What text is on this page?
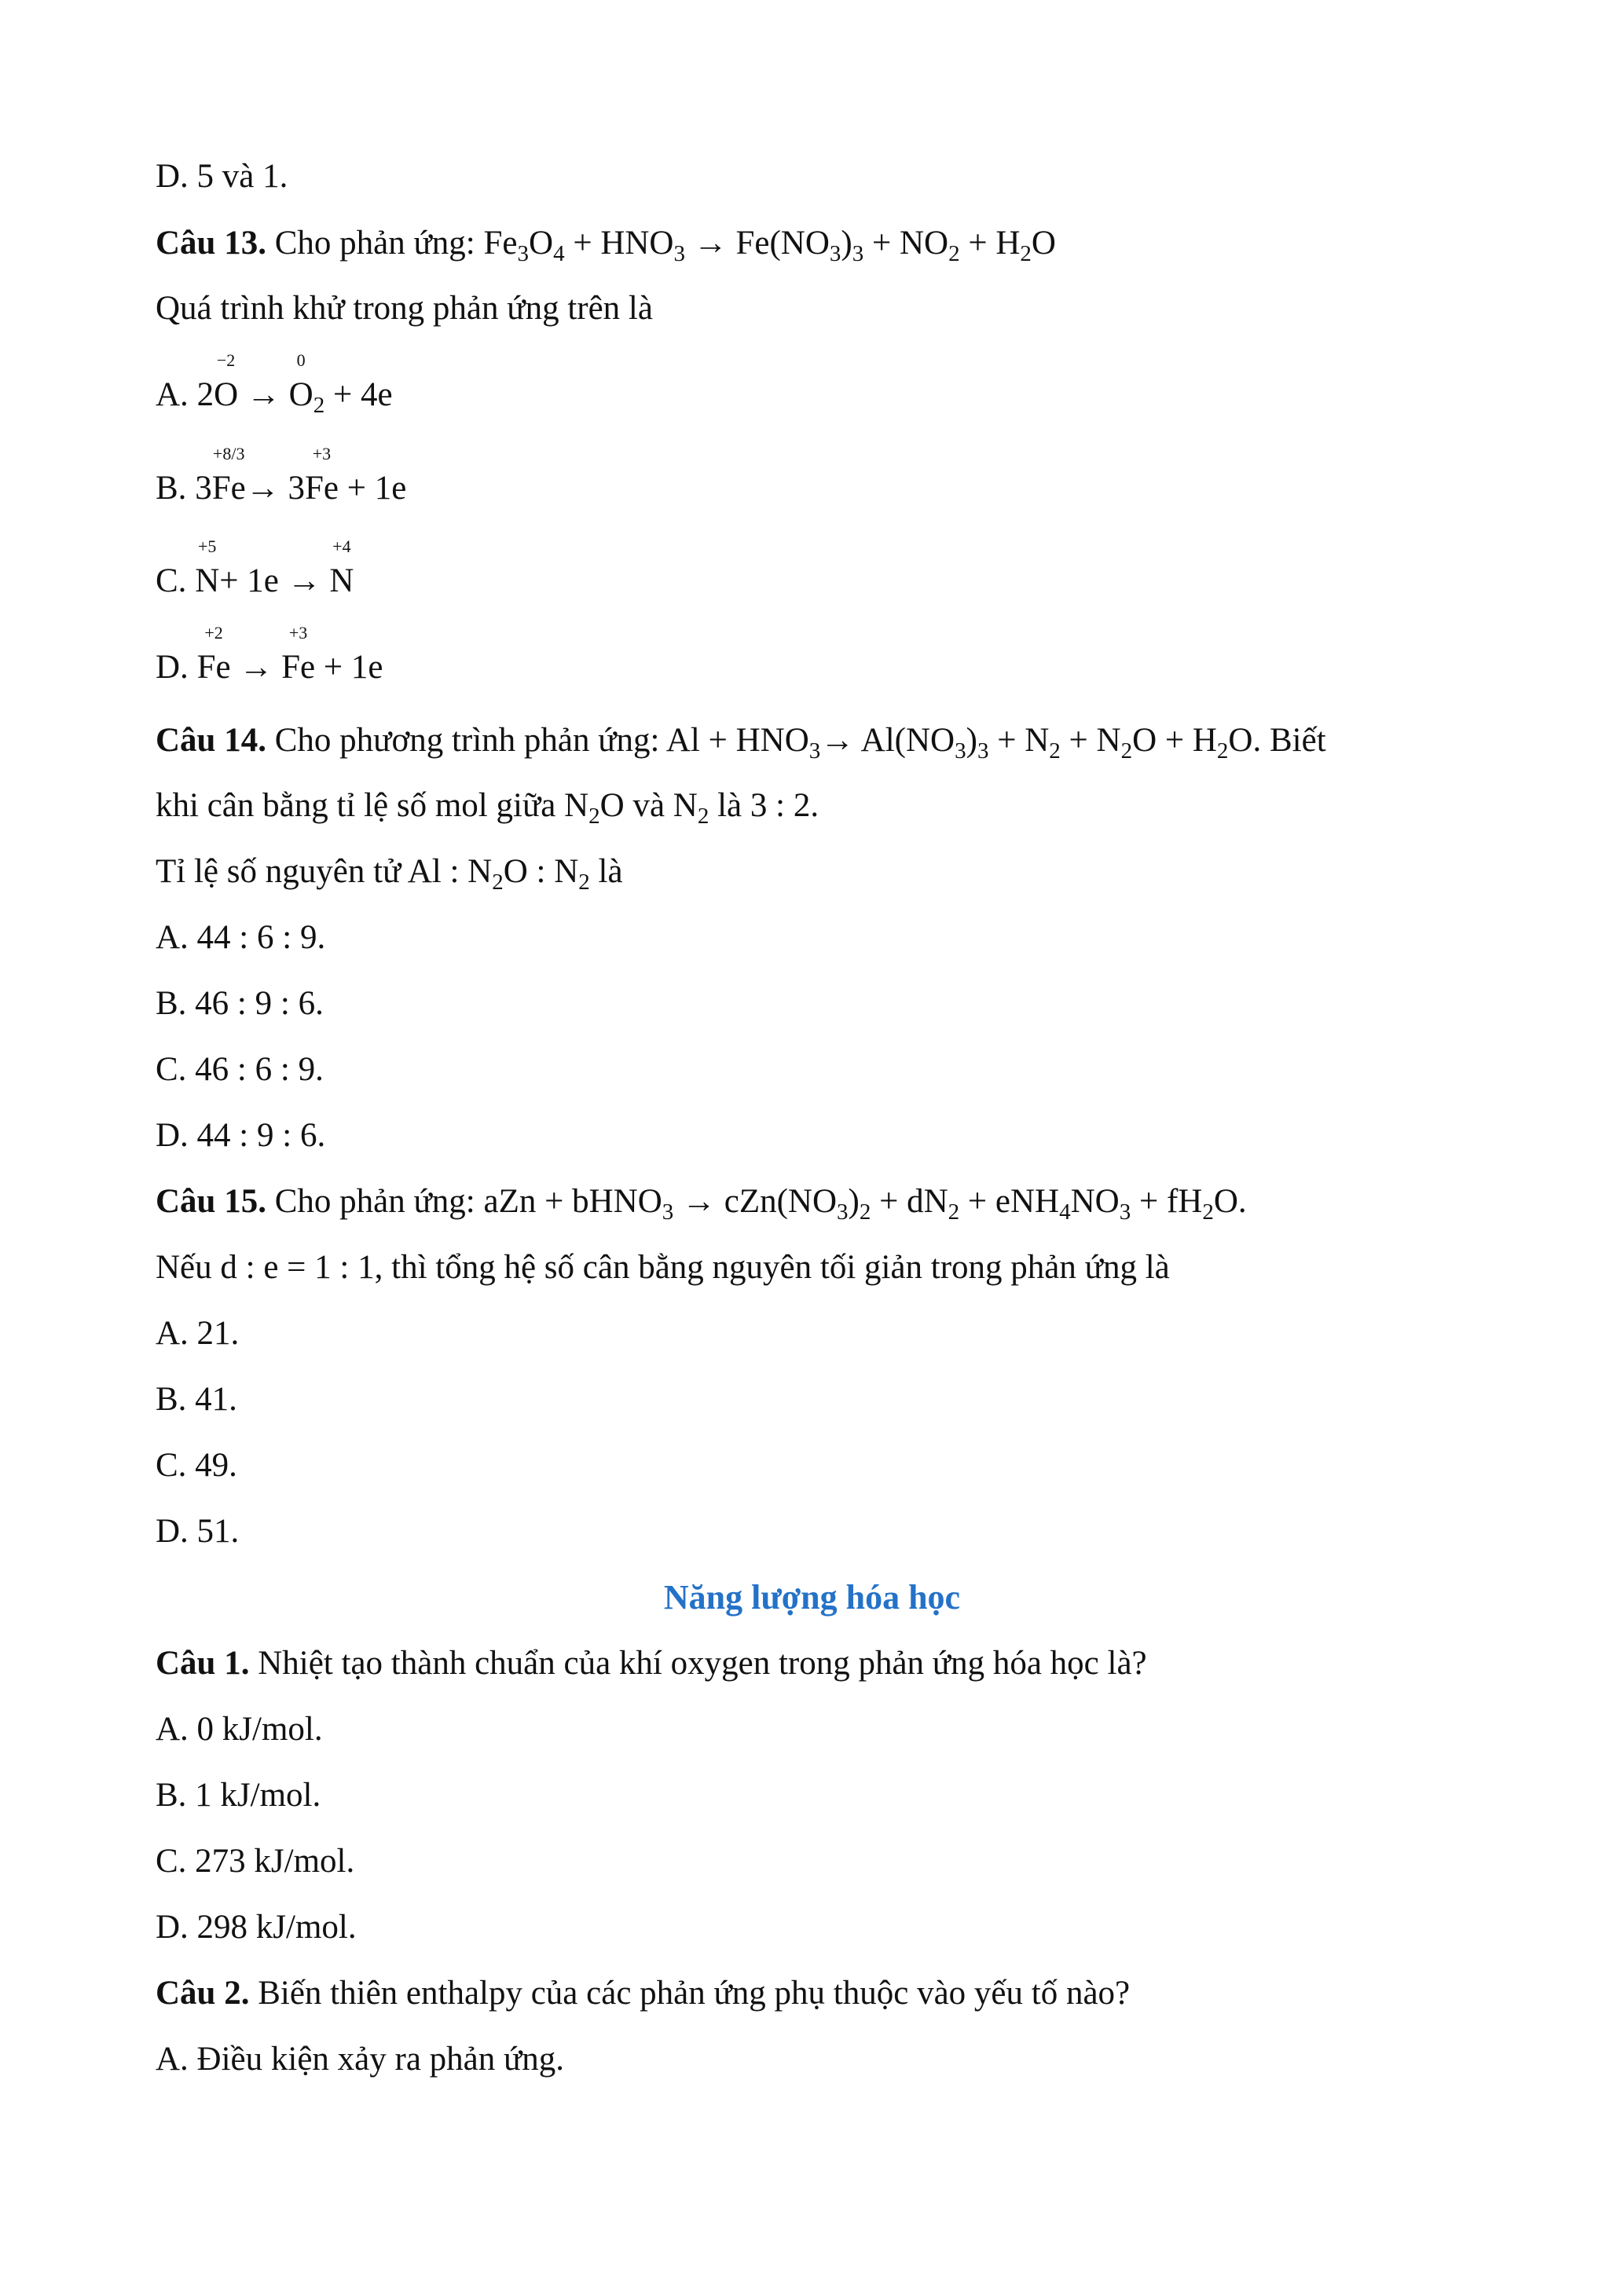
D. 5 và 1.
Câu 13. Cho phản ứng: $Fe_3O_4 + HNO_3 \to Fe(NO_3)_3 + NO_2 + H_2O$
Quá trình khử trong phản ứng trên là
A. 2
−2
O →
0
$O_2 + 4e$
B. 3
+8/3
Fe→ 3
+3
Fe + 1e
C.
+5
N+ 1e →
+4
N
D.
+2
Fe →
+3
Fe + 1e
Câu 14. Cho phương trình phản ứng: $Al + HNO_3\to Al(NO_3)_3 + N_2 + N_2O + H_2O$. Biết
khi cân bằng tỉ lệ số mol giữa $N_2O$ và $N_2$ là 3 : 2.
Tỉ lệ số nguyên tử Al : $N_2O$ : $N_2$ là
A. 44 : 6 : 9.
B. 46 : 9 : 6.
C. 46 : 6 : 9.
D. 44 : 9 : 6.
Câu 15. Cho phản ứng: aZn + bHNO$_3$ → $cZn(NO_3)_2 + dN_2 + eNH_4NO_3 + fH_2O$.
Nếu d : e = 1 : 1, thì tổng hệ số cân bằng nguyên tối giản trong phản ứng là
A. 21.
B. 41.
C. 49.
D. 51.
Năng lượng hóa học
Câu 1. Nhiệt tạo thành chuẩn của khí oxygen trong phản ứng hóa học là?
A. 0 kJ/mol.
B. 1 kJ/mol.
C. 273 kJ/mol.
D. 298 kJ/mol.
Câu 2. Biến thiên enthalpy của các phản ứng phụ thuộc vào yếu tố nào?
A. Điều kiện xảy ra phản ứng.
